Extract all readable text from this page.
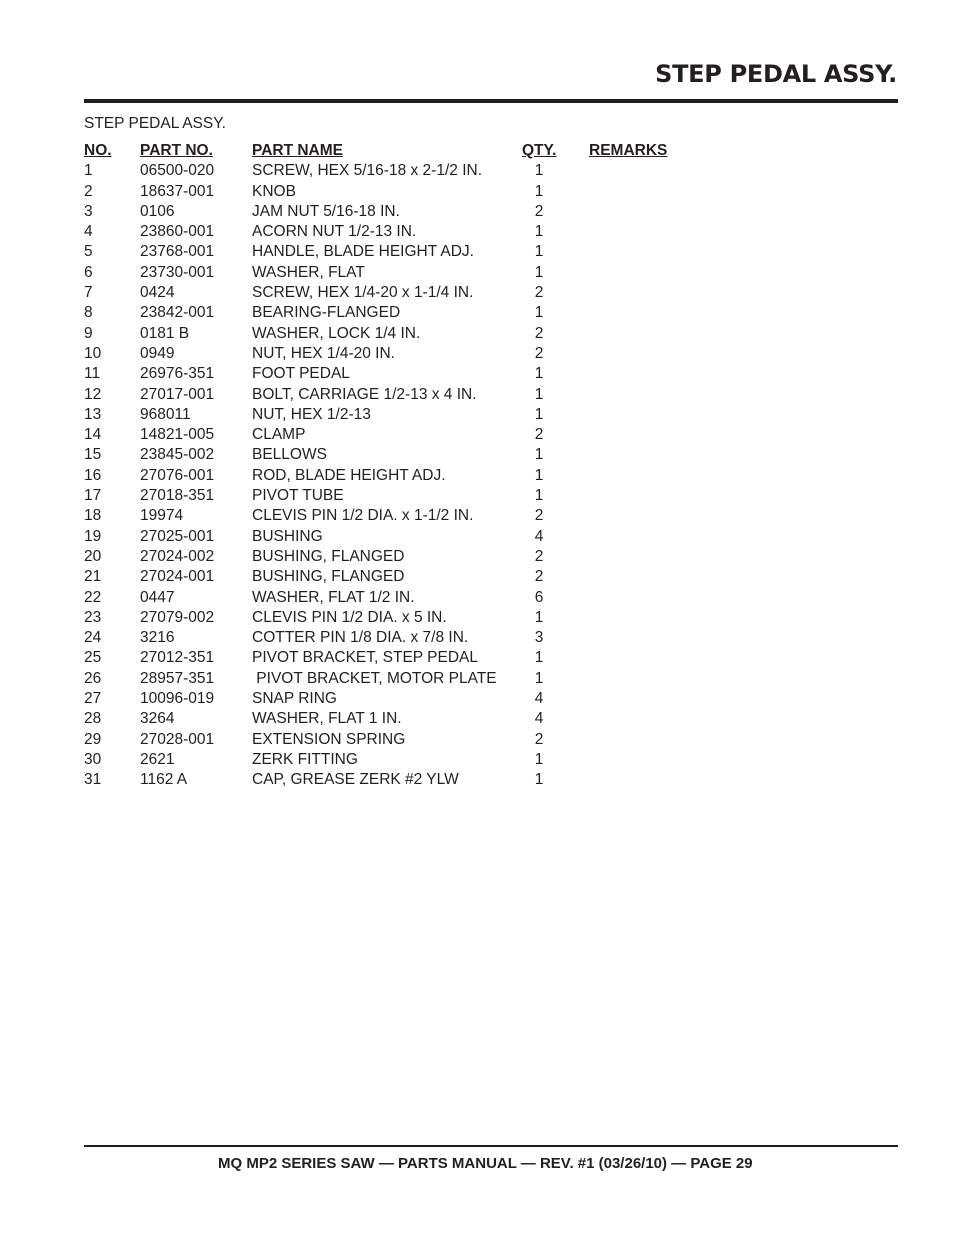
STEP PEDAL ASSY.
STEP PEDAL ASSY.
NO. PART NO.	PART NAME	QTY. REMARKS
1	06500-020 SCREW, HEX 5/16-18 x 2-1/2 IN.	1
2	18637-001 KNOB	1
3	0106	JAM NUT 5/16-18 IN.	2
4	23860-001 ACORN NUT 1/2-13 IN.	1
5	23768-001 HANDLE, BLADE HEIGHT ADJ.	1
6	23730-001 WASHER, FLAT	1
7	0424	SCREW, HEX 1/4-20 x 1-1/4 IN.	2
8	23842-001 BEARING-FLANGED	1
9	0181 B	WASHER, LOCK 1/4 IN.	2
10	0949	NUT, HEX 1/4-20 IN.	2
11	26976-351 FOOT PEDAL	1
12	27017-001 BOLT, CARRIAGE 1/2-13 x 4 IN.	1
13	968011	NUT, HEX 1/2-13	1
14	14821-005 CLAMP	2
15	23845-002 BELLOWS	1
16	27076-001 ROD, BLADE HEIGHT ADJ.	1
17	27018-351 PIVOT TUBE	1
18	19974	CLEVIS PIN 1/2 DIA. x 1-1/2 IN.	2
19	27025-001 BUSHING	4
20	27024-002 BUSHING, FLANGED	2
21	27024-001 BUSHING, FLANGED	2
22	0447	WASHER, FLAT 1/2 IN.	6
23	27079-002 CLEVIS PIN 1/2 DIA. x 5 IN.	1
24	3216	COTTER PIN 1/8 DIA. x 7/8 IN.	3
25	27012-351 PIVOT BRACKET, STEP PEDAL	1
26	28957-351 PIVOT BRACKET, MOTOR PLATE	1
27	10096-019 SNAP RING	4
28	3264	WASHER, FLAT 1 IN.	4
29	27028-001 EXTENSION SPRING	2
30	2621	ZERK FITTING	1
31	1162 A	CAP, GREASE ZERK #2 YLW	1
MQ MP2 SERIES SAW — PARTS MANUAL — REV. #1 (03/26/10) — PAGE 29
